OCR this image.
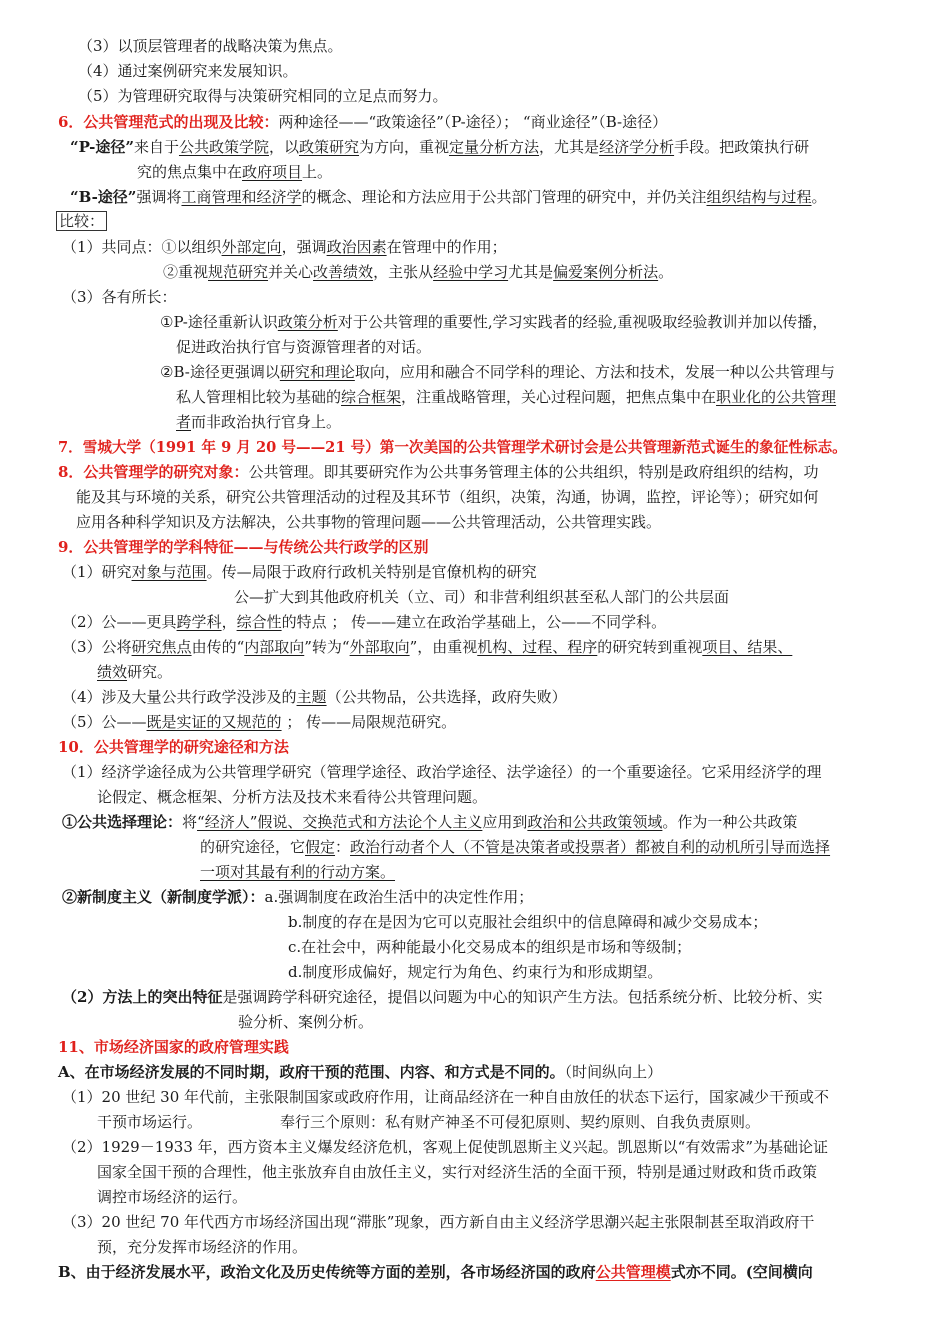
（3）以顶层管理者的战略决策为焦点。
（4）通过案例研究来发展知识。
（5）为管理研究取得与决策研究相同的立足点而努力。
6．公共管理范式的出现及比较：两种途径——“政策途径”（P-途径）； “商业途径”（B-途径）
“P-途径”来自于公共政策学院，以政策研究为方向，重视定量分析方法，尤其是经济学分析手段。把政策执行研
究的焦点集中在政府项目上。
“B-途径”强调将工商管理和经济学的概念、理论和方法应用于公共部门管理的研究中，并仍关注组织结构与过程。
比较：
（1）共同点：①以组织外部定向，强调政治因素在管理中的作用；
②重视规范研究并关心改善绩效，主张从经验中学习尤其是偏爱案例分析法。
（3）各有所长：
①P-途径重新认识政策分析对于公共管理的重要性,学习实践者的经验,重视吸取经验教训并加以传播，
促进政治执行官与资源管理者的对话。
②B-途径更强调以研究和理论取向，应用和融合不同学科的理论、方法和技术，发展一种以公共管理与
私人管理相比较为基础的综合框架，注重战略管理，关心过程问题，把焦点集中在职业化的公共管理
者而非政治执行官身上。
7．雪城大学（1991 年 9 月 20 号——21 号）第一次美国的公共管理学术研讨会是公共管理新范式诞生的象征性标志。
8．公共管理学的研究对象：公共管理。即其要研究作为公共事务管理主体的公共组织，特别是政府组织的结构，功
能及其与环境的关系，研究公共管理活动的过程及其环节（组织，决策，沟通，协调，监控，评论等）；研究如何
应用各种科学知识及方法解决，公共事物的管理问题——公共管理活动，公共管理实践。
9．公共管理学的学科特征——与传统公共行政学的区别
（1）研究对象与范围。传—局限于政府行政机关特别是官僚机构的研究
公—扩大到其他政府机关（立、司）和非营利组织甚至私人部门的公共层面
（2）公——更具跨学科，综合性的特点 ； 传——建立在政治学基础上，公——不同学科。
（3）公将研究焦点由传的“内部取向”转为“外部取向”，由重视机构、过程、程序的研究转到重视项目、结果、
绩效研究。
（4）涉及大量公共行政学没涉及的主题（公共物品，公共选择，政府失败）
（5）公——既是实证的又规范的 ； 传——局限规范研究。
10．公共管理学的研究途径和方法
（1）经济学途径成为公共管理学研究（管理学途径、政治学途径、法学途径）的一个重要途径。它采用经济学的理
论假定、概念框架、分析方法及技术来看待公共管理问题。
①公共选择理论：将“经济人”假说、交换范式和方法论个人主义应用到政治和公共政策领域。作为一种公共政策
的研究途径，它假定：政治行动者个人（不管是决策者或投票者）都被自利的动机所引导而选择
一项对其最有利的行动方案。
②新制度主义（新制度学派）：a.强调制度在政治生活中的决定性作用；
b.制度的存在是因为它可以克服社会组织中的信息障碍和减少交易成本；
c.在社会中，两种能最小化交易成本的组织是市场和等级制；
d.制度形成偏好，规定行为角色、约束行为和形成期望。
（2）方法上的突出特征是强调跨学科研究途径，提倡以问题为中心的知识产生方法。包括系统分析、比较分析、实
验分析、案例分析。
11、市场经济国家的政府管理实践
A、在市场经济发展的不同时期，政府干预的范围、内容、和方式是不同的。（时间纵向上）
（1）20 世纪 30 年代前，主张限制国家或政府作用，让商品经济在一种自由放任的状态下运行，国家减少干预或不
干预市场运行。	奉行三个原则：私有财产神圣不可侵犯原则、契约原则、自我负责原则。
（2）1929－1933 年，西方资本主义爆发经济危机，客观上促使凯恩斯主义兴起。凯恩斯以“有效需求”为基础论证
国家全国干预的合理性，他主张放弃自由放任主义，实行对经济生活的全面干预，特别是通过财政和货币政策
调控市场经济的运行。
（3）20 世纪 70 年代西方市场经济国出现“滞胀”现象，西方新自由主义经济学思潮兴起主张限制甚至取消政府干
预，充分发挥市场经济的作用。
B、由于经济发展水平，政治文化及历史传统等方面的差别，各市场经济国的政府公共管理模式亦不同。(空间横向
